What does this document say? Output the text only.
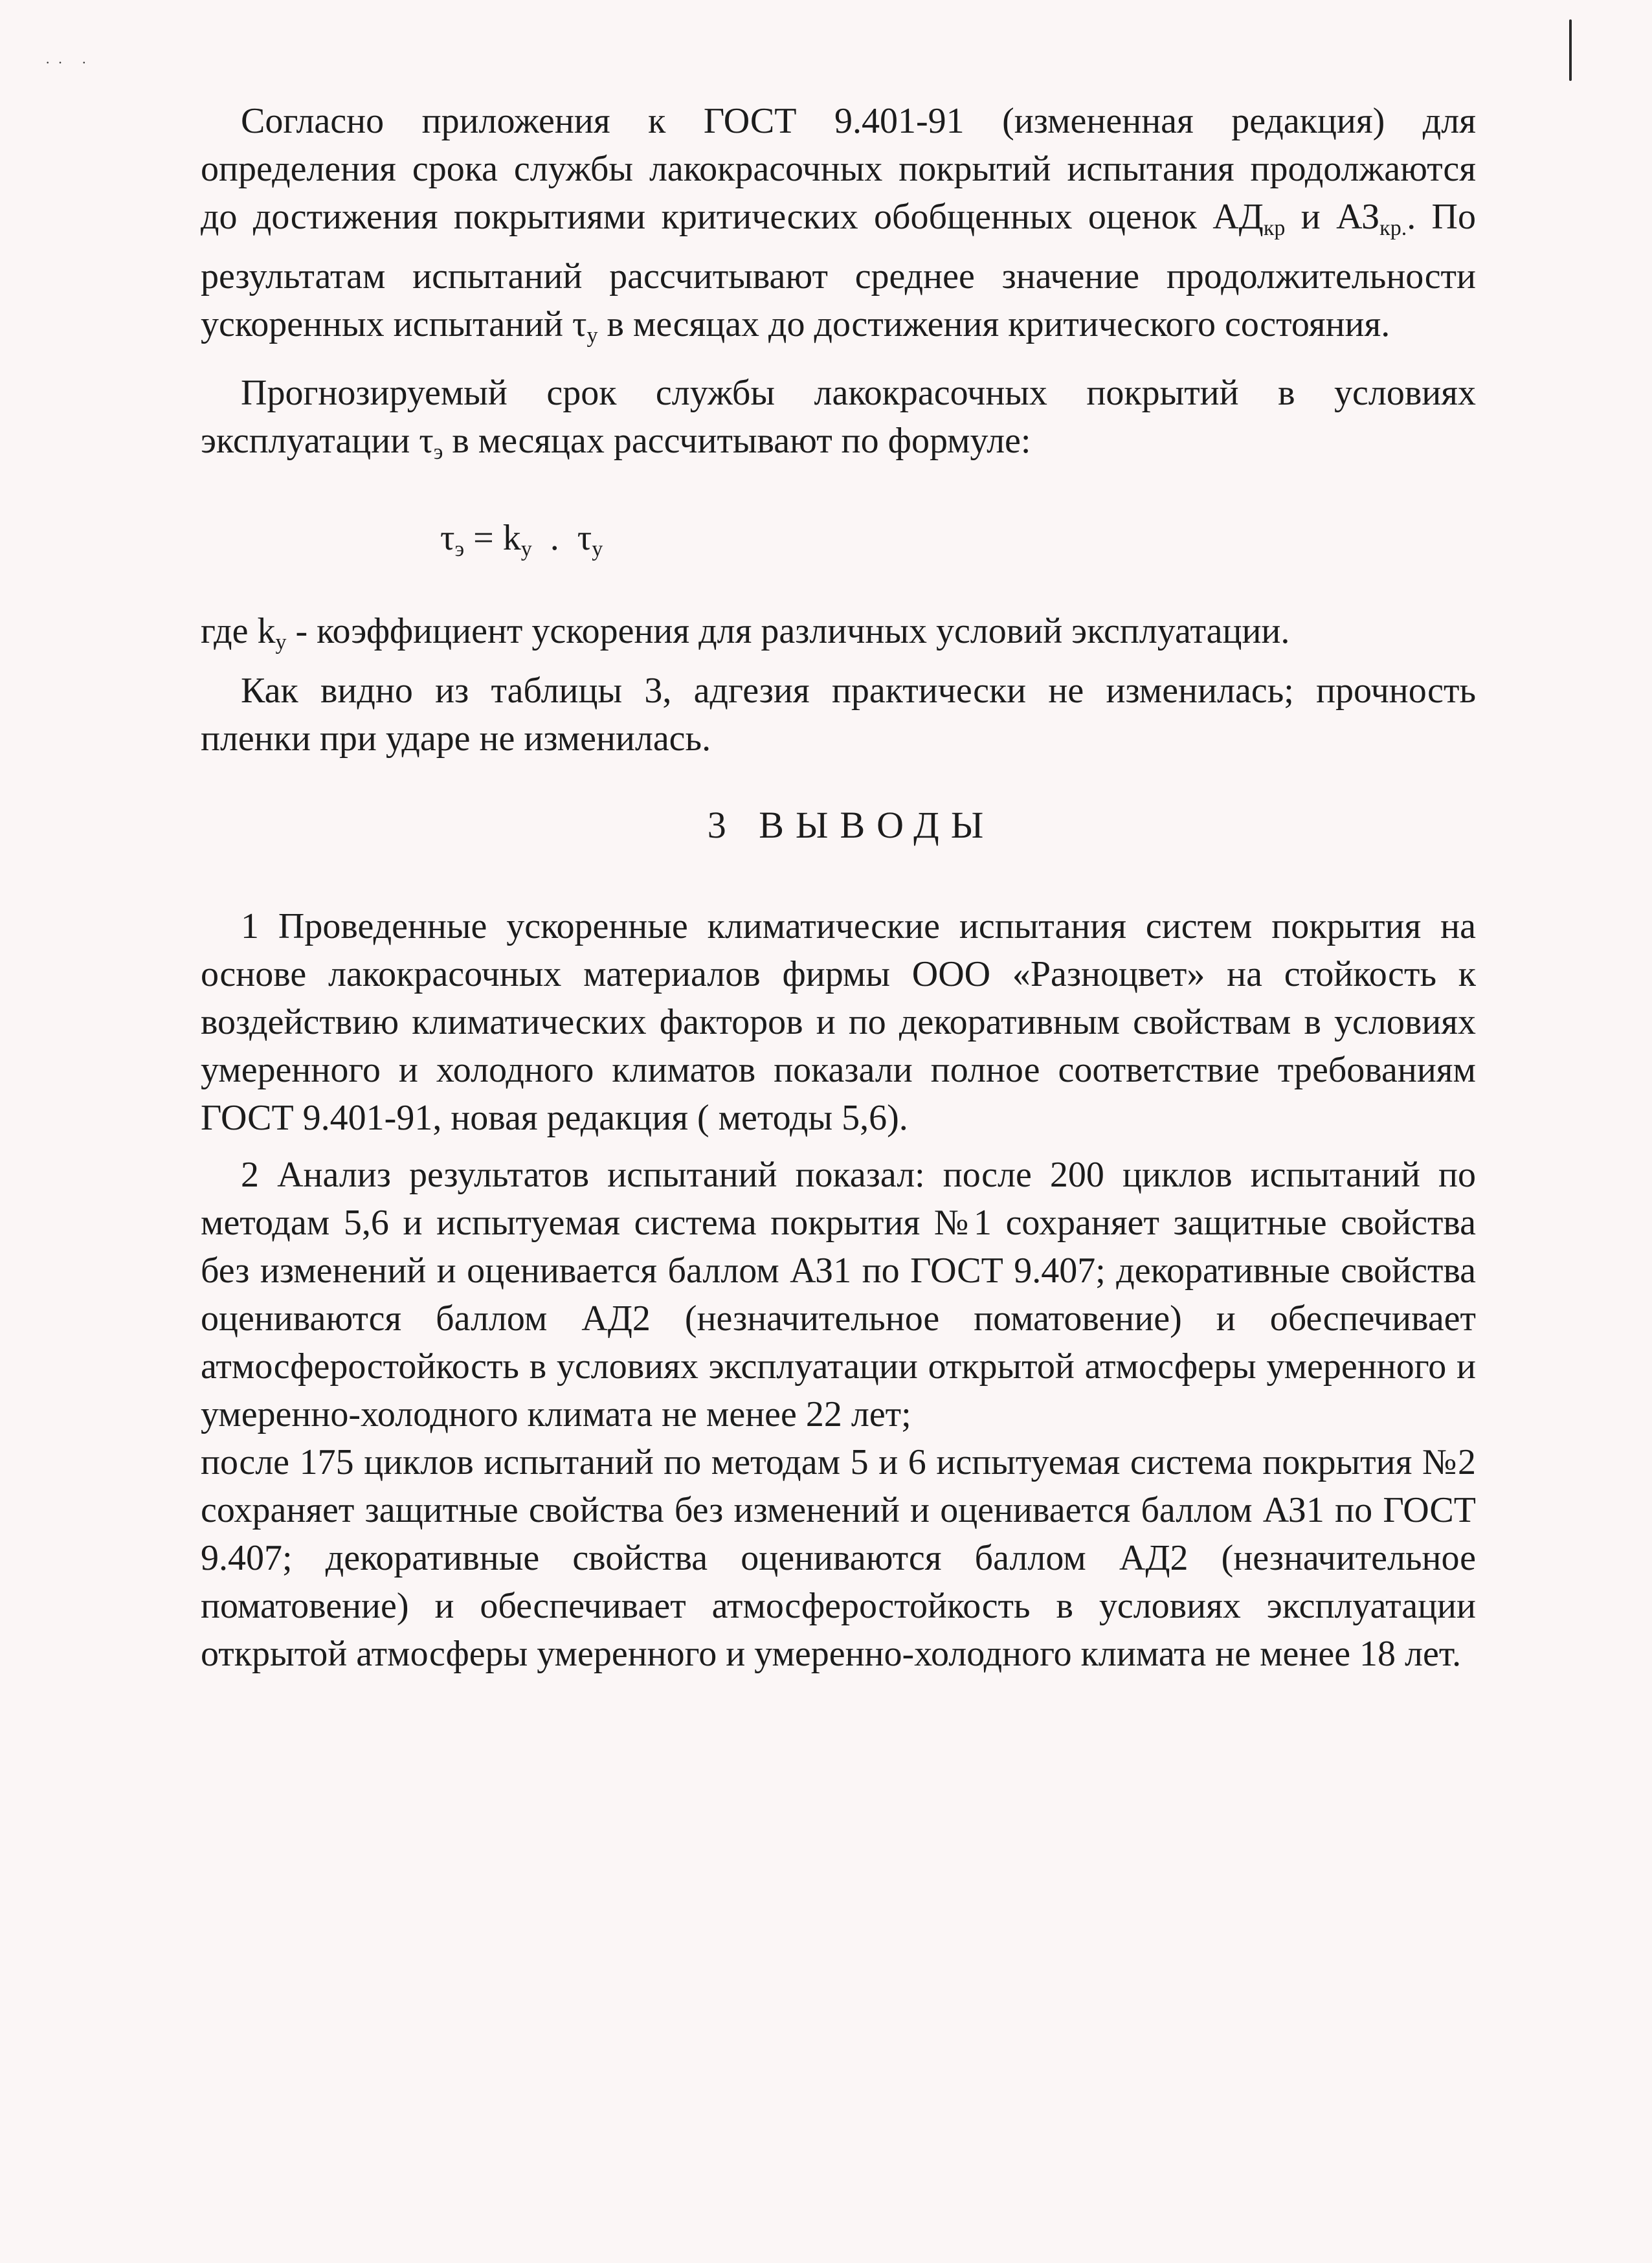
·· ·

Согласно приложения к ГОСТ 9.401-91 (измененная редакция) для определения срока службы лакокрасочных покрытий испытания продолжаются до достижения покрытиями критических обобщенных оценок $АД_{кр}$ и $АЗ_{кр.}$. По результатам испытаний рассчитывают среднее значение продолжительности ускоренных испытаний $\tau_у$ в месяцах до достижения критического состояния.

Прогнозируемый срок службы лакокрасочных покрытий в условиях эксплуатации $\tau_э$ в месяцах рассчитывают по формуле:

$\tau_э = k_у$  .  $\tau_у$

где $k_у$ - коэффициент ускорения для различных условий эксплуатации.

Как видно из таблицы 3, адгезия практически не изменилась; прочность пленки при ударе не изменилась.

3 ВЫВОДЫ

1 Проведенные ускоренные климатические испытания систем покрытия на основе лакокрасочных материалов фирмы ООО «Разноцвет» на стойкость к воздействию климатических факторов и по декоративным свойствам в условиях умеренного и холодного климатов показали полное соответствие требованиям ГОСТ 9.401-91, новая редакция ( методы 5,6).

2 Анализ результатов испытаний показал: после 200 циклов испытаний по методам 5,6 и испытуемая система покрытия №1 сохраняет защитные свойства без изменений и оценивается баллом АЗ1 по ГОСТ 9.407; декоративные свойства оцениваются баллом АД2 (незначительное поматовение) и обеспечивает атмосферостойкость в условиях эксплуатации открытой атмосферы умеренного и умеренно-холодного климата не менее 22 лет;

после 175 циклов испытаний по методам 5 и 6 испытуемая система покрытия №2 сохраняет защитные свойства без изменений и оценивается баллом АЗ1 по ГОСТ 9.407; декоративные свойства оцениваются баллом АД2 (незначительное поматовение) и обеспечивает атмосферостойкость в условиях эксплуатации открытой атмосферы умеренного и умеренно-холодного климата не менее 18 лет.
